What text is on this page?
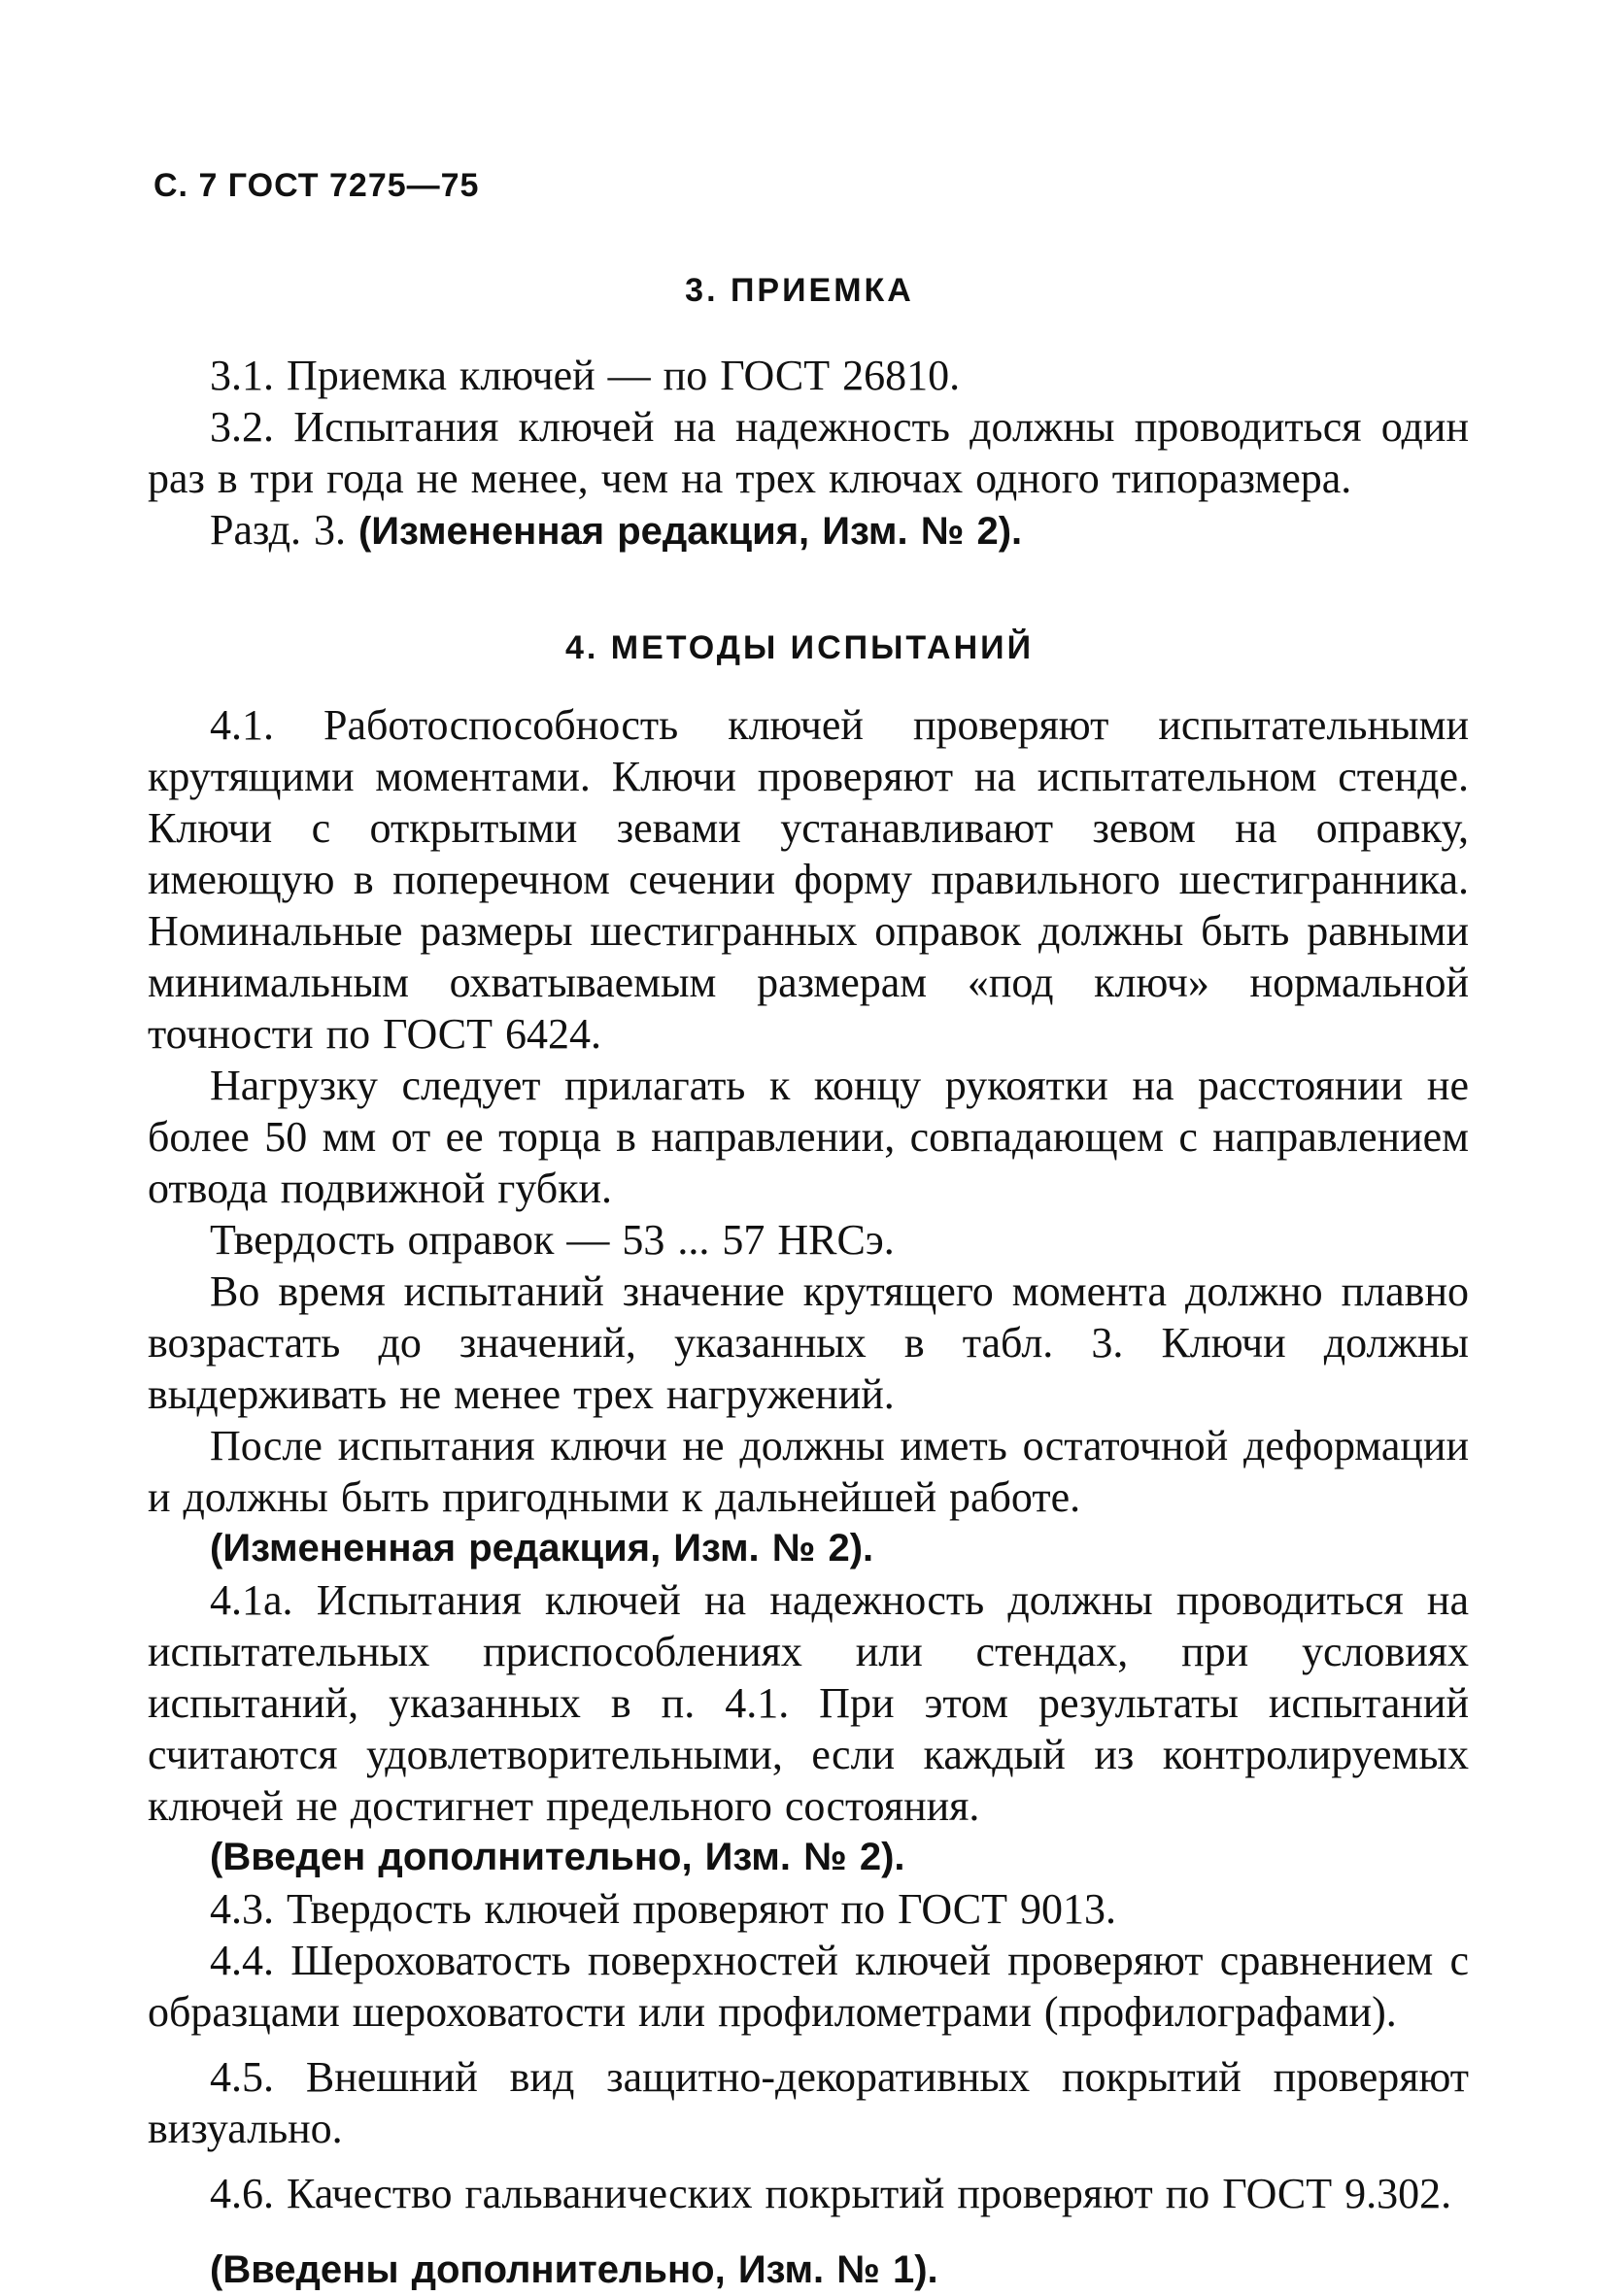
С. 7 ГОСТ 7275—75
3. ПРИЕМКА

3.1. Приемка ключей — по ГОСТ 26810.

3.2. Испытания ключей на надежность должны проводиться один раз в три года не менее, чем на трех ключах одного типоразмера.

Разд. 3. (Измененная редакция, Изм. № 2).

4. МЕТОДЫ ИСПЫТАНИЙ

4.1. Работоспособность ключей проверяют испытательными крутящими моментами. Ключи проверяют на испытательном стенде. Ключи с открытыми зевами устанавливают зевом на оправку, имеющую в поперечном сечении форму правильного шестигранника. Номинальные размеры шестигранных оправок должны быть равными минимальным охватываемым размерам «под ключ» нормальной точности по ГОСТ 6424.

Нагрузку следует прилагать к концу рукоятки на расстоянии не более 50 мм от ее торца в направлении, совпадающем с направлением отвода подвижной губки.

Твердость оправок — 53 ... 57 HRCэ.

Во время испытаний значение крутящего момента должно плавно возрастать до значений, указанных в табл. 3. Ключи должны выдерживать не менее трех нагружений.

После испытания ключи не должны иметь остаточной деформации и должны быть пригодными к дальнейшей работе.

(Измененная редакция, Изм. № 2).

4.1а. Испытания ключей на надежность должны проводиться на испытательных приспособлениях или стендах, при условиях испытаний, указанных в п. 4.1. При этом результаты испытаний считаются удовлетворительными, если каждый из контролируемых ключей не достигнет предельного состояния.

(Введен дополнительно, Изм. № 2).

4.3. Твердость ключей проверяют по ГОСТ 9013.

4.4. Шероховатость поверхностей ключей проверяют сравнением с образцами шероховатости или профилометрами (профилографами).

4.5. Внешний вид защитно-декоративных покрытий проверяют визуально.

4.6. Качество гальванических покрытий проверяют по ГОСТ 9.302.

(Введены дополнительно, Изм. № 1).
